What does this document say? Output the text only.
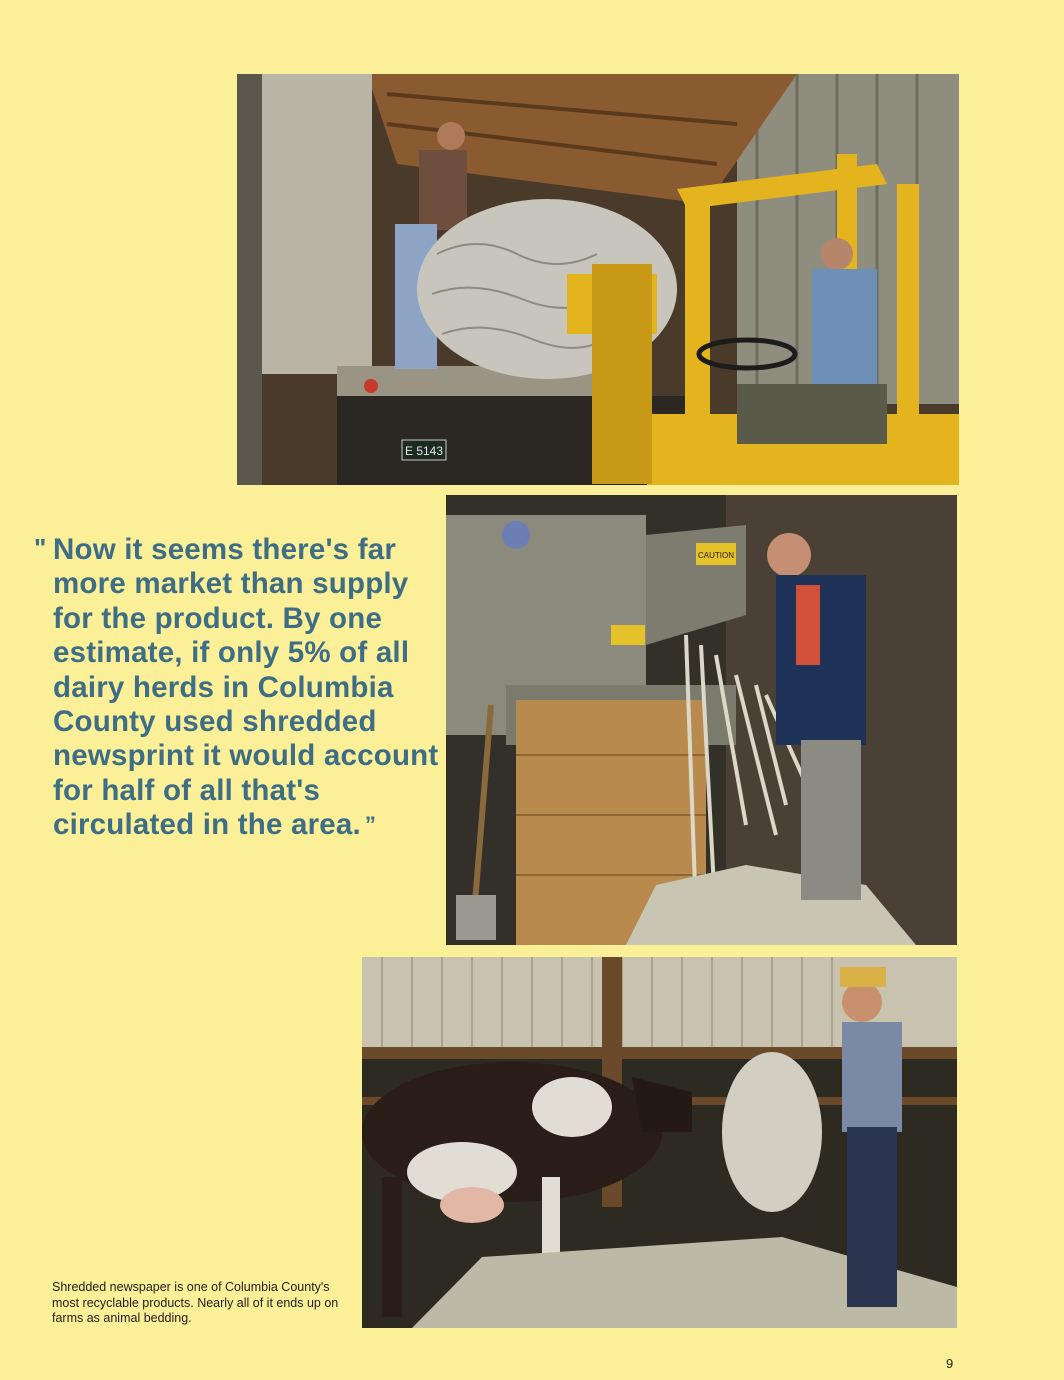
E 5143
CAUTION
" Now it seems there's far more market than supply for the product. By one estimate, if only 5% of all dairy herds in Columbia County used shredded newsprint it would account for half of all that's circulated in the area. ”
Shredded newspaper is one of Columbia County's most recyclable products. Nearly all of it ends up on farms as animal bedding.
9
